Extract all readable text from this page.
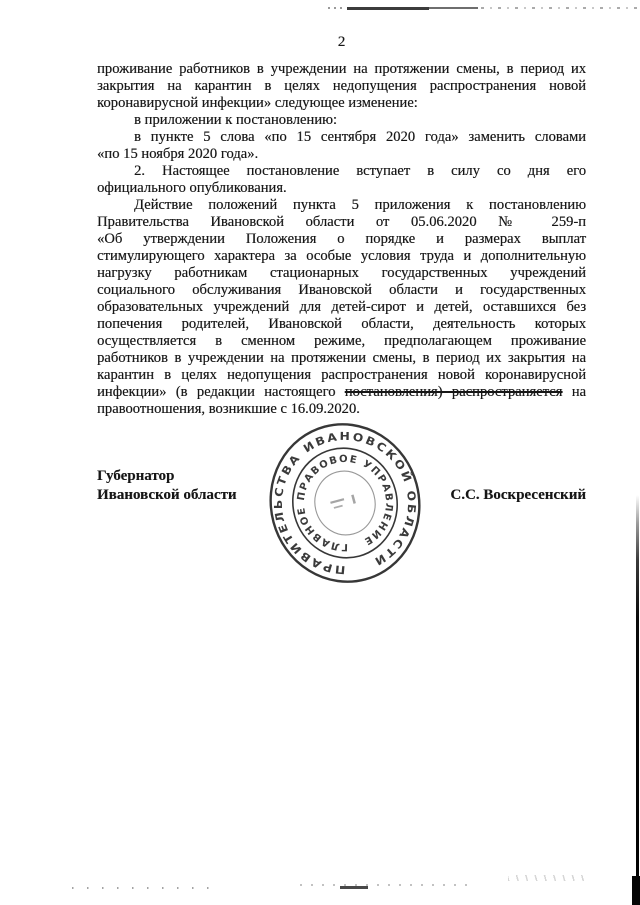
2
проживание работников в учреждении на протяжении смены, в период их
закрытия на карантин в целях недопущения распространения новой
коронавирусной инфекции» следующее изменение:
в приложении к постановлению:
в пункте 5 слова «по 15 сентября 2020 года» заменить словами
«по 15 ноября 2020 года».
2. Настоящее постановление вступает в силу со дня его
официального опубликования.
Действие положений пункта 5 приложения к постановлению
Правительства Ивановской области от 05.06.2020 № 259-п
«Об утверждении Положения о порядке и размерах выплат
стимулирующего характера за особые условия труда и дополнительную
нагрузку работникам стационарных государственных учреждений
социального обслуживания Ивановской области и государственных
образовательных учреждений для детей-сирот и детей, оставшихся без
попечения родителей, Ивановской области, деятельность которых
осуществляется в сменном режиме, предполагающем проживание
работников в учреждении на протяжении смены, в период их закрытия на
карантин в целях недопущения распространения новой коронавирусной
инфекции» (в редакции настоящего постановления) распространяется на
правоотношения, возникшие с 16.09.2020.
Губернатор
Ивановской области	С.С. Воскресенский
ПРАВИТЕЛЬСТВА ИВАНОВСКОЙ ОБЛАСТИ
ГЛАВНОЕ ПРАВОВОЕ УПРАВЛЕНИЕ
